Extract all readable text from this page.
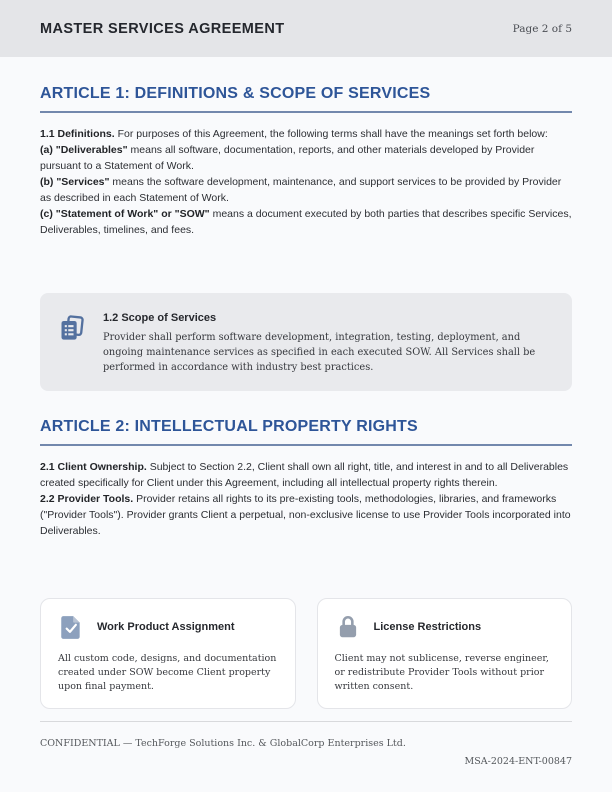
MASTER SERVICES AGREEMENT	Page 2 of 5
ARTICLE 1: DEFINITIONS & SCOPE OF SERVICES

1.1 Definitions. For purposes of this Agreement, the following terms shall have the meanings set forth below:

(a) "Deliverables" means all software, documentation, reports, and other materials developed by Provider pursuant to a Statement of Work.

(b) "Services" means the software development, maintenance, and support services to be provided by Provider as described in each Statement of Work.

(c) "Statement of Work" or "SOW" means a document executed by both parties that describes specific Services, Deliverables, timelines, and fees.

1.2 Scope of Services
Provider shall perform software development, integration, testing, deployment, and ongoing maintenance services as specified in each executed SOW. All Services shall be performed in accordance with industry best practices.
ARTICLE 2: INTELLECTUAL PROPERTY RIGHTS

2.1 Client Ownership. Subject to Section 2.2, Client shall own all right, title, and interest in and to all Deliverables created specifically for Client under this Agreement, including all intellectual property rights therein.

2.2 Provider Tools. Provider retains all rights to its pre-existing tools, methodologies, libraries, and frameworks ("Provider Tools"). Provider grants Client a perpetual, non-exclusive license to use Provider Tools incorporated into Deliverables.

Work Product Assignment
All custom code, designs, and documentation created under SOW become Client property upon final payment.
License Restrictions
Client may not sublicense, reverse engineer, or redistribute Provider Tools without prior written consent.
CONFIDENTIAL — TechForge Solutions Inc. & GlobalCorp Enterprises Ltd.
MSA-2024-ENT-00847
